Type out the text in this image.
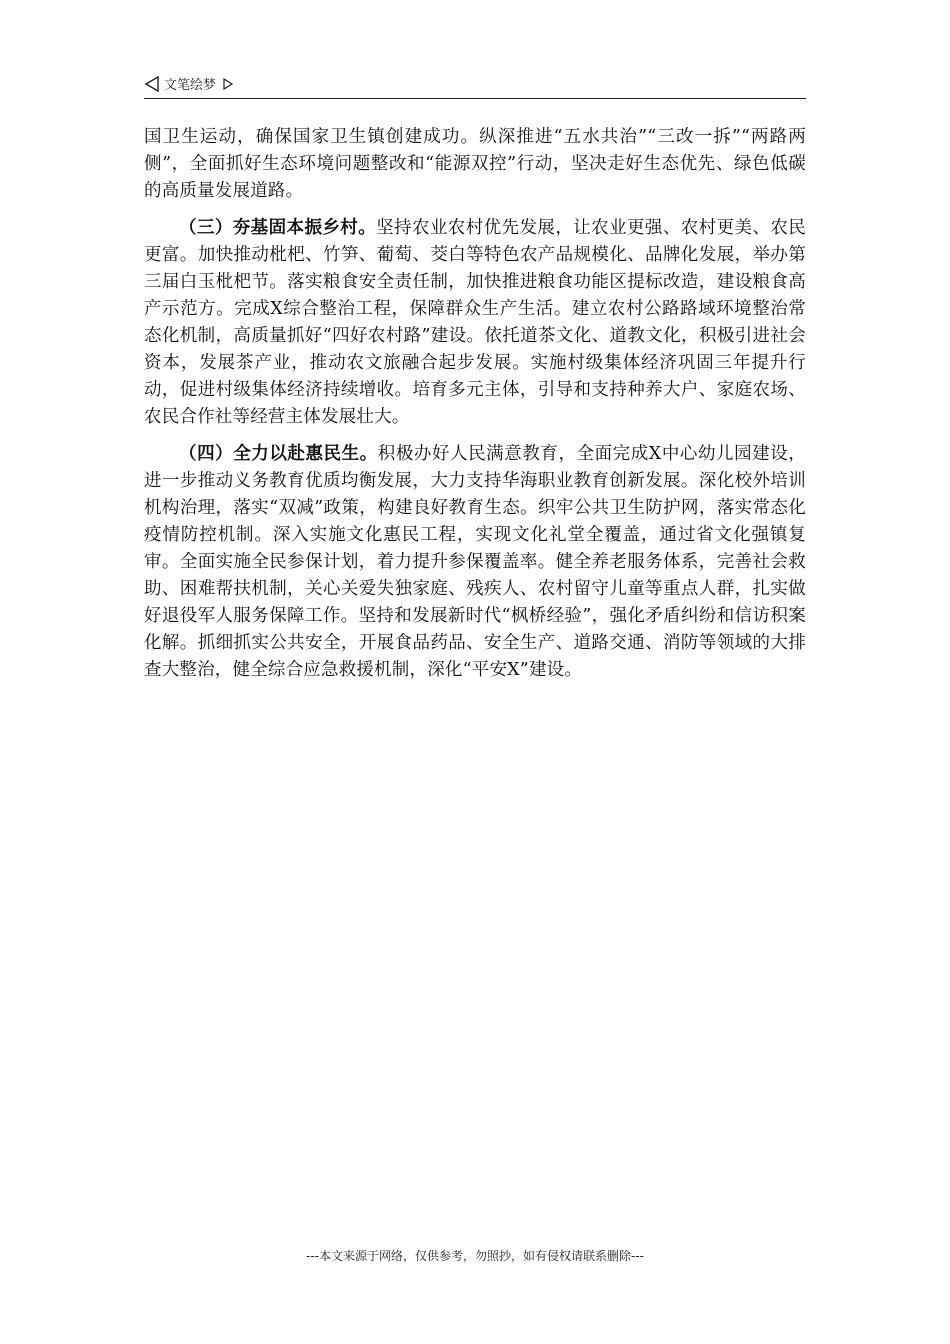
文笔绘梦

国卫生运动，确保国家卫生镇创建成功。纵深推进“五水共治”“三改一拆”“两路两侧”，全面抓好生态环境问题整改和“能源双控”行动，坚决走好生态优先、绿色低碳的高质量发展道路。

（三）夯基固本振乡村。坚持农业农村优先发展，让农业更强、农村更美、农民更富。加快推动枇杷、竹笋、葡萄、茭白等特色农产品规模化、品牌化发展，举办第三届白玉枇杷节。落实粮食安全责任制，加快推进粮食功能区提标改造，建设粮食高产示范方。完成X综合整治工程，保障群众生产生活。建立农村公路路域环境整治常态化机制，高质量抓好“四好农村路”建设。依托道茶文化、道教文化，积极引进社会资本，发展茶产业，推动农文旅融合起步发展。实施村级集体经济巩固三年提升行动，促进村级集体经济持续增收。培育多元主体，引导和支持种养大户、家庭农场、农民合作社等经营主体发展壮大。

（四）全力以赴惠民生。积极办好人民满意教育，全面完成X中心幼儿园建设，进一步推动义务教育优质均衡发展，大力支持华海职业教育创新发展。深化校外培训机构治理，落实“双减”政策，构建良好教育生态。织牢公共卫生防护网，落实常态化疫情防控机制。深入实施文化惠民工程，实现文化礼堂全覆盖，通过省文化强镇复审。全面实施全民参保计划，着力提升参保覆盖率。健全养老服务体系，完善社会救助、困难帮扶机制，关心关爱失独家庭、残疾人、农村留守儿童等重点人群，扎实做好退役军人服务保障工作。坚持和发展新时代“枫桥经验”，强化矛盾纠纷和信访积案化解。抓细抓实公共安全，开展食品药品、安全生产、道路交通、消防等领域的大排查大整治，健全综合应急救援机制，深化“平安X”建设。

---本文来源于网络，仅供参考，勿照抄，如有侵权请联系删除---
